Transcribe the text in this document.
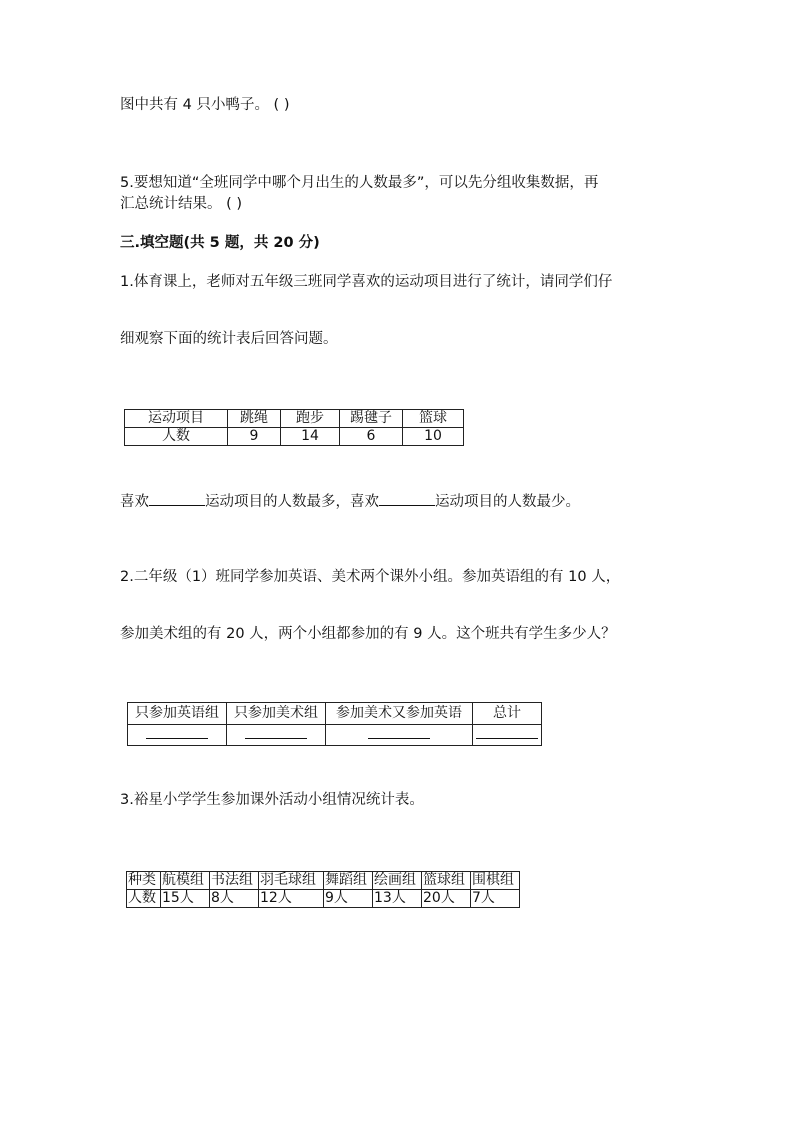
图中共有 4 只小鸭子。 ( )
5.要想知道“全班同学中哪个月出生的人数最多”，可以先分组收集数据，再
汇总统计结果。 ( )
三.填空题(共 5 题，共 20 分)
1.体育课上，老师对五年级三班同学喜欢的运动项目进行了统计，请同学们仔
细观察下面的统计表后回答问题。
运动项目	跳绳	跑步	踢毽子	篮球
人数	9	14	6	10
喜欢	运动项目的人数最多，喜欢	运动项目的人数最少。
2.二年级（1）班同学参加英语、美术两个课外小组。参加英语组的有 10 人，
参加美术组的有 20 人，两个小组都参加的有 9 人。这个班共有学生多少人？
只参加英语组	只参加美术组	参加美术又参加英语	总计

3.裕星小学学生参加课外活动小组情况统计表。
种类	航模组	书法组	羽毛球组	舞蹈组	绘画组	篮球组	围棋组
人数	15人	8人	12人	9人	13人	20人	7人
